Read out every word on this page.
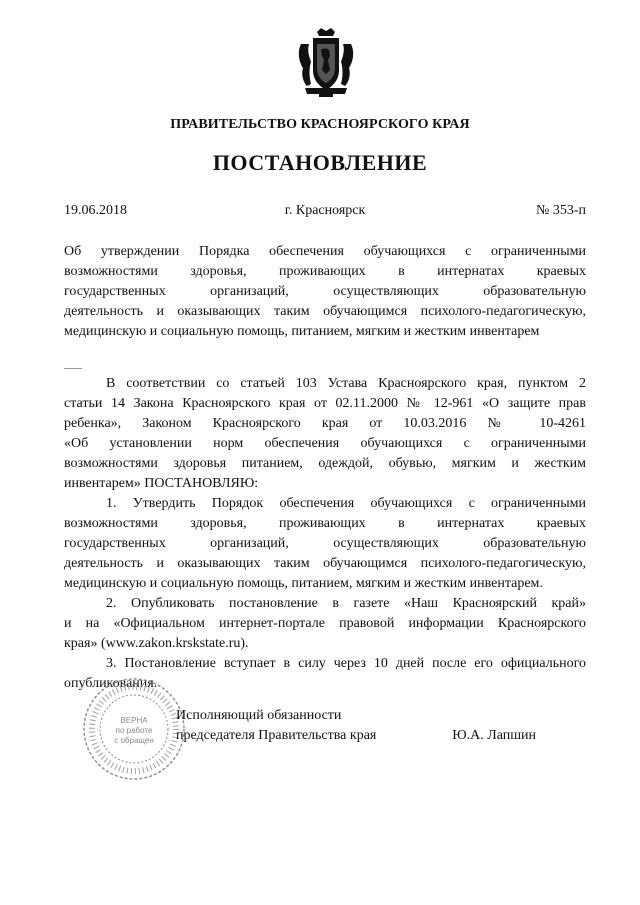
ПРАВИТЕЛЬСТВО КРАСНОЯРСКОГО КРАЯ
ПОСТАНОВЛЕНИЕ
19.06.2018	г. Красноярск	№ 353-п
Об утверждении Порядка обеспечения обучающихся с ограниченными
возможностями здоровья, проживающих в интернатах краевых
государственных организаций, осуществляющих образовательную
деятельность и оказывающих таким обучающимся психолого-педагогическую,
медицинскую и социальную помощь, питанием, мягким и жестким инвентарем
В соответствии со статьей 103 Устава Красноярского края, пунктом 2
статьи 14 Закона Красноярского края от 02.11.2000 № 12-961 «О защите прав
ребенка», Законом Красноярского края от 10.03.2016 № 10-4261
«Об установлении норм обеспечения обучающихся с ограниченными
возможностями здоровья питанием, одеждой, обувью, мягким и жестким
инвентарем» ПОСТАНОВЛЯЮ:
1. Утвердить Порядок обеспечения обучающихся с ограниченными
возможностями здоровья, проживающих в интернатах краевых
государственных организаций, осуществляющих образовательную
деятельность и оказывающих таким обучающимся психолого-педагогическую,
медицинскую и социальную помощь, питанием, мягким и жестким инвентарем.
2. Опубликовать постановление в газете «Наш Красноярский край»
и на «Официальном интернет-портале правовой информации Красноярского
края» (www.zakon.krskstate.ru).
3. Постановление вступает в силу через 10 дней после его официального
опубликования.
ВЕРНА
по работе
с обращен
Исполняющий обязанности
председателя Правительства края	Ю.А. Лапшин
